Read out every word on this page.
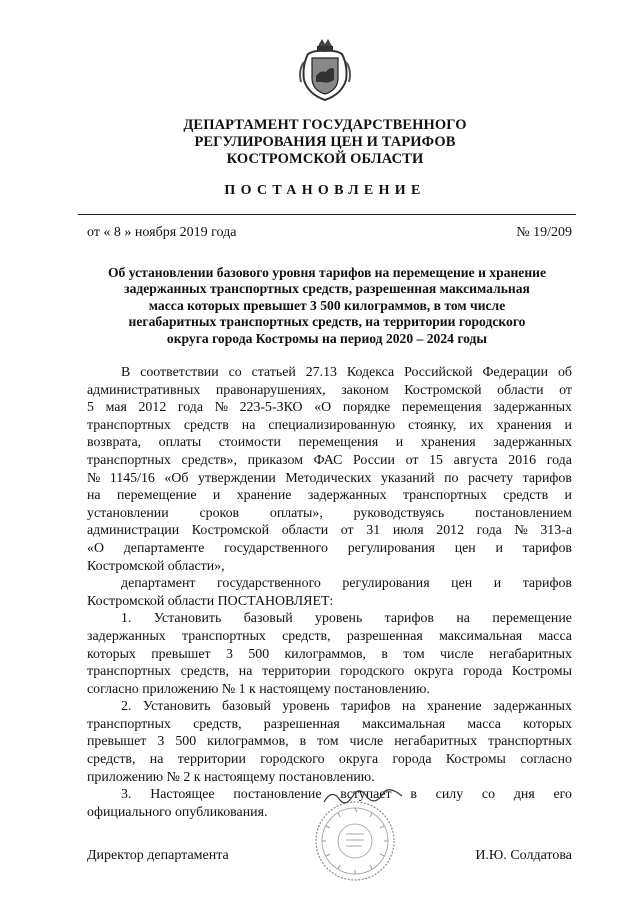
ДЕПАРТАМЕНТ ГОСУДАРСТВЕННОГО
РЕГУЛИРОВАНИЯ ЦЕН И ТАРИФОВ
КОСТРОМСКОЙ ОБЛАСТИ
ПОСТАНОВЛЕНИЕ
от « 8 » ноября 2019 года	№ 19/209
Об установлении базового уровня тарифов на перемещение и хранение
задержанных транспортных средств, разрешенная максимальная
масса которых превышет 3 500 килограммов, в том числе
негабаритных транспортных средств, на территории городского
округа города Костромы на период 2020 – 2024 годы
В соответствии со статьей 27.13 Кодекса Российской Федерации об
административных правонарушениях, законом Костромской области от
5 мая 2012 года № 223-5-ЗКО «О порядке перемещения задержанных
транспортных средств на специализированную стоянку, их хранения и
возврата, оплаты стоимости перемещения и хранения задержанных
транспортных средств», приказом ФАС России от 15 августа 2016 года
№ 1145/16 «Об утверждении Методических указаний по расчету тарифов
на перемещение и хранение задержанных транспортных средств и
установлении сроков оплаты», руководствуясь постановлением
администрации Костромской области от 31 июля 2012 года № 313-а
«О департаменте государственного регулирования цен и тарифов
Костромской области»,
департамент государственного регулирования цен и тарифов
Костромской области ПОСТАНОВЛЯЕТ:
1. Установить базовый уровень тарифов на перемещение
задержанных транспортных средств, разрешенная максимальная масса
которых превышет 3 500 килограммов, в том числе негабаритных
транспортных средств, на территории городского округа города Костромы
согласно приложению № 1 к настоящему постановлению.
2. Установить базовый уровень тарифов на хранение задержанных
транспортных средств, разрешенная максимальная масса которых
превышет 3 500 килограммов, в том числе негабаритных транспортных
средств, на территории городского округа города Костромы согласно
приложению № 2 к настоящему постановлению.
3. Настоящее постановление вступает в силу со дня его
официального опубликования.
Директор департамента	И.Ю. Солдатова
